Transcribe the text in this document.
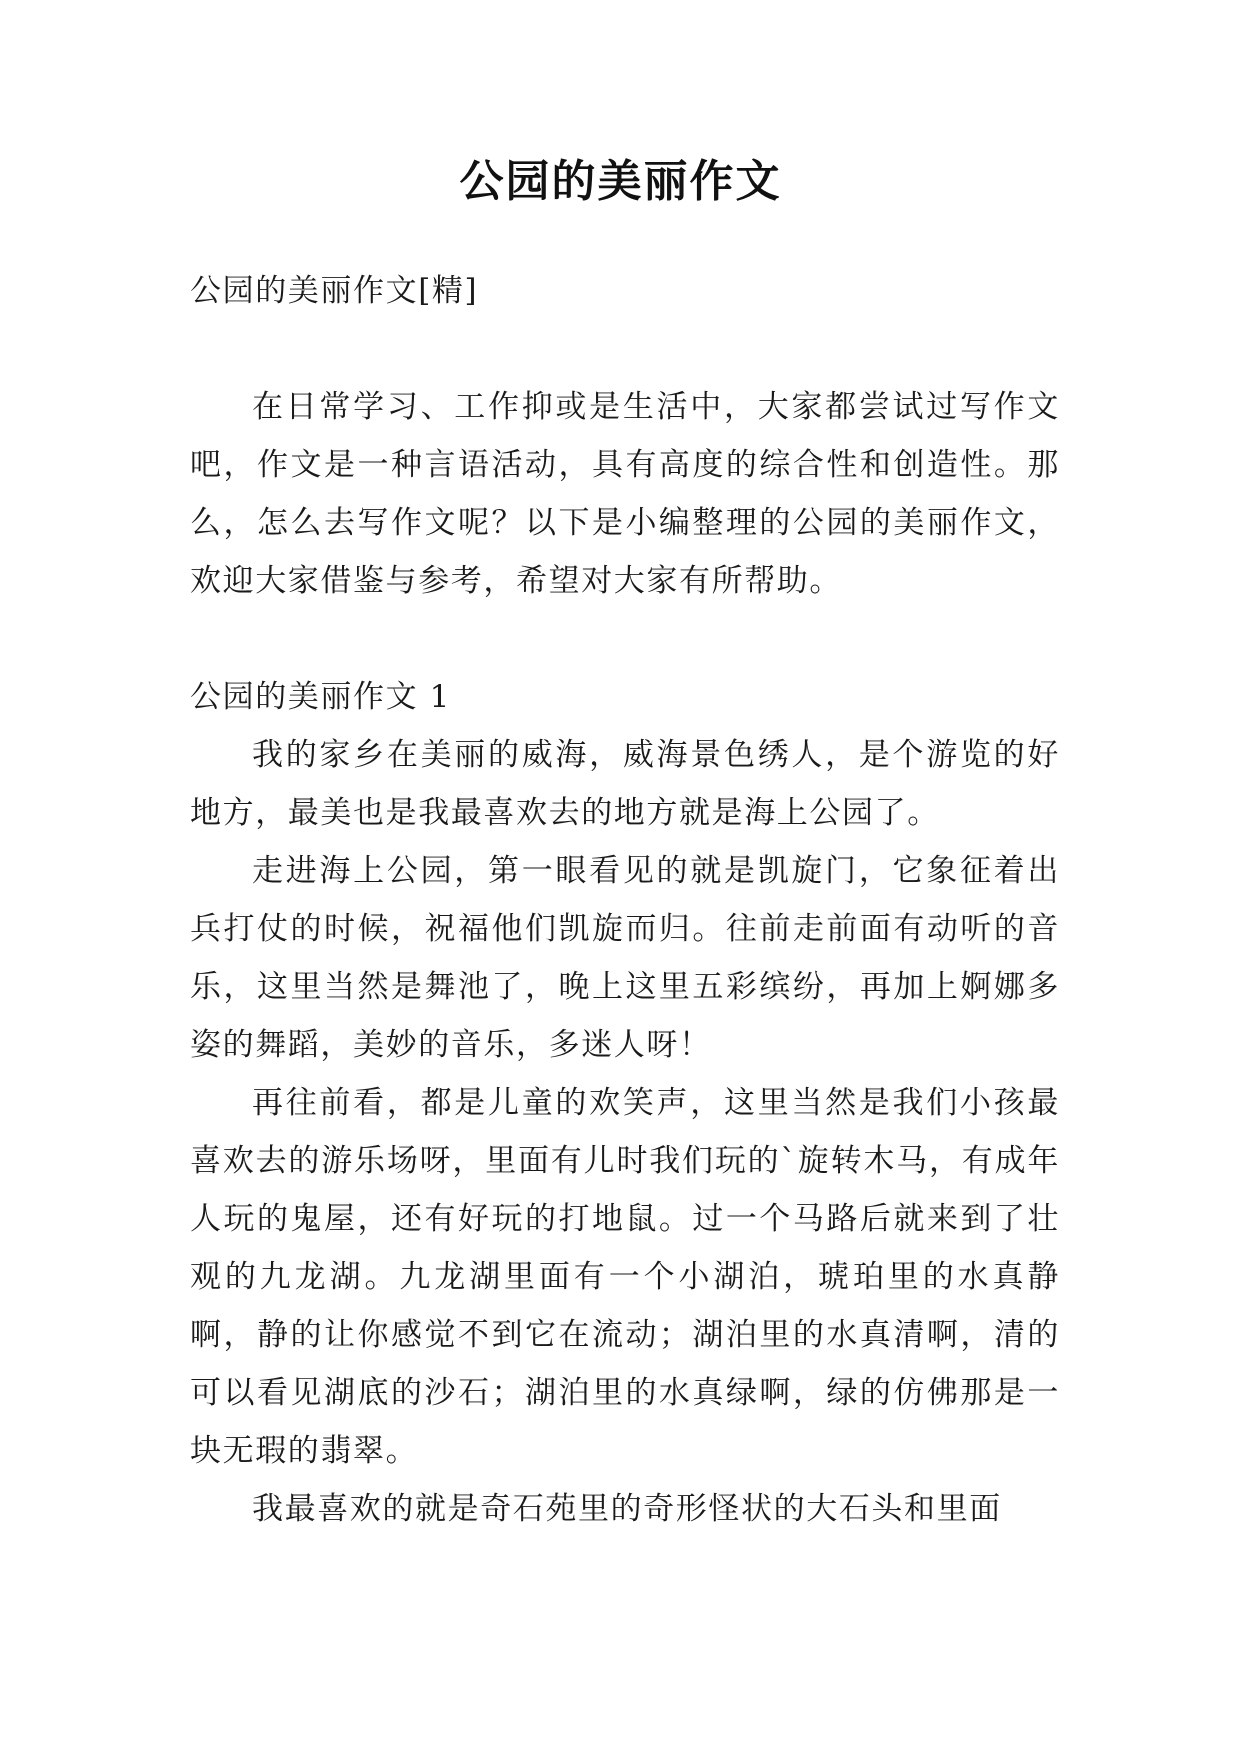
公园的美丽作文

公园的美丽作文[精]

在日常学习、工作抑或是生活中，大家都尝试过写作文吧，作文是一种言语活动，具有高度的综合性和创造性。那么，怎么去写作文呢？以下是小编整理的公园的美丽作文，欢迎大家借鉴与参考，希望对大家有所帮助。

公园的美丽作文 1

我的家乡在美丽的威海，威海景色绣人，是个游览的好地方，最美也是我最喜欢去的地方就是海上公园了。

走进海上公园，第一眼看见的就是凯旋门，它象征着出兵打仗的时候，祝福他们凯旋而归。往前走前面有动听的音乐，这里当然是舞池了，晚上这里五彩缤纷，再加上婀娜多姿的舞蹈，美妙的音乐，多迷人呀！

再往前看，都是儿童的欢笑声，这里当然是我们小孩最喜欢去的游乐场呀，里面有儿时我们玩的`旋转木马，有成年人玩的鬼屋，还有好玩的打地鼠。过一个马路后就来到了壮观的九龙湖。九龙湖里面有一个小湖泊，琥珀里的水真静啊，静的让你感觉不到它在流动；湖泊里的水真清啊，清的可以看见湖底的沙石；湖泊里的水真绿啊，绿的仿佛那是一块无瑕的翡翠。

我最喜欢的就是奇石苑里的奇形怪状的大石头和里面
